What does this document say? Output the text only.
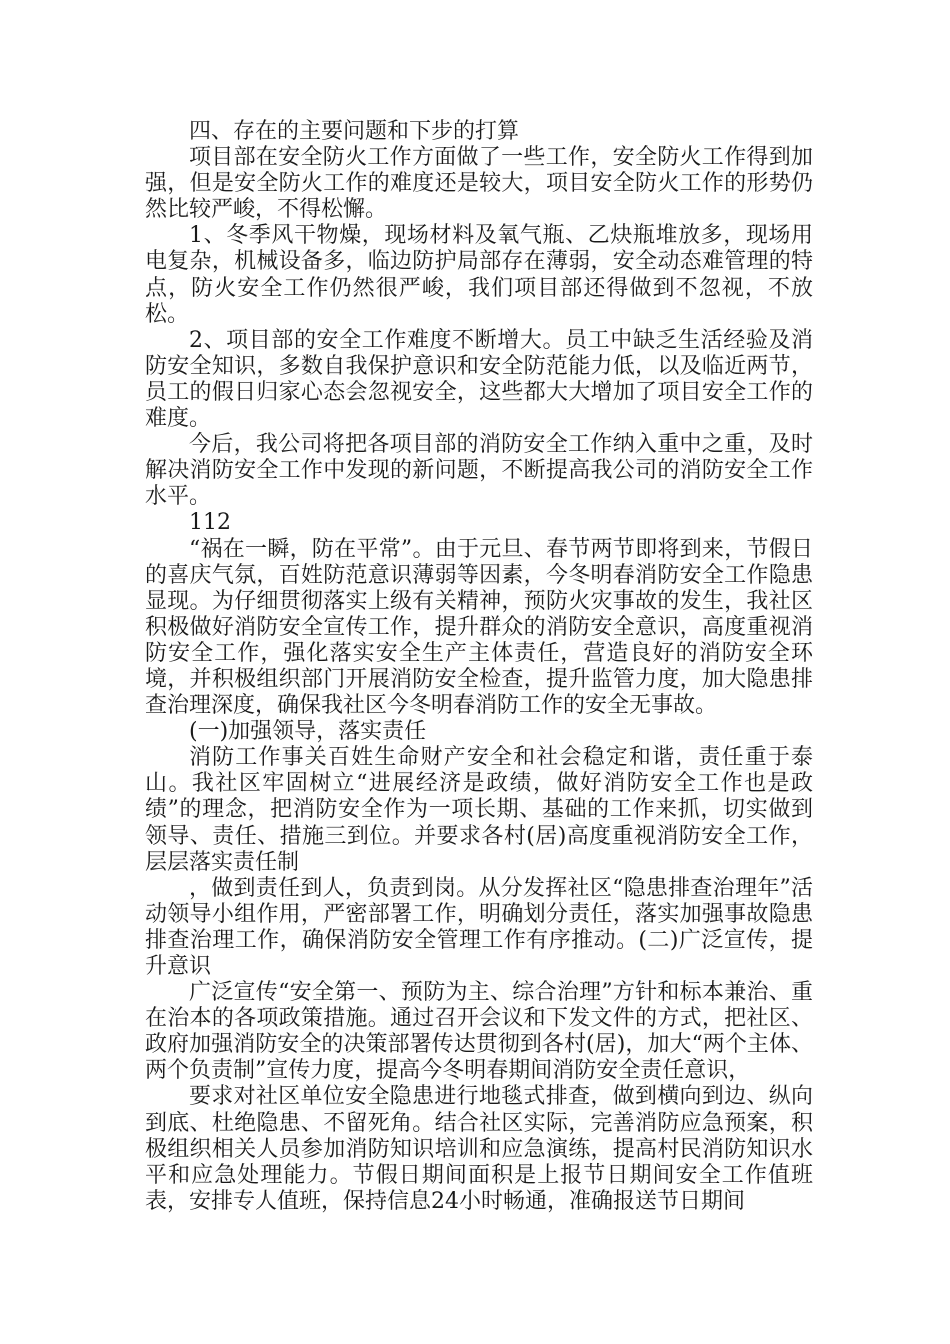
四、存在的主要问题和下步的打算

项目部在安全防火工作方面做了一些工作，安全防火工作得到加强，但是安全防火工作的难度还是较大，项目安全防火工作的形势仍然比较严峻，不得松懈。

1、冬季风干物燥，现场材料及氧气瓶、乙炔瓶堆放多，现场用电复杂，机械设备多，临边防护局部存在薄弱，安全动态难管理的特点，防火安全工作仍然很严峻，我们项目部还得做到不忽视，不放松。

2、项目部的安全工作难度不断增大。员工中缺乏生活经验及消防安全知识，多数自我保护意识和安全防范能力低，以及临近两节，员工的假日归家心态会忽视安全，这些都大大增加了项目安全工作的难度。

今后，我公司将把各项目部的消防安全工作纳入重中之重，及时解决消防安全工作中发现的新问题，不断提高我公司的消防安全工作水平。

112

“祸在一瞬，防在平常”。由于元旦、春节两节即将到来，节假日的喜庆气氛，百姓防范意识薄弱等因素，今冬明春消防安全工作隐患显现。为仔细贯彻落实上级有关精神，预防火灾事故的发生，我社区积极做好消防安全宣传工作，提升群众的消防安全意识，高度重视消防安全工作，强化落实安全生产主体责任，营造良好的消防安全环境，并积极组织部门开展消防安全检查，提升监管力度，加大隐患排查治理深度，确保我社区今冬明春消防工作的安全无事故。

(一)加强领导，落实责任

消防工作事关百姓生命财产安全和社会稳定和谐，责任重于泰山。我社区牢固树立“进展经济是政绩，做好消防安全工作也是政绩”的理念，把消防安全作为一项长期、基础的工作来抓，切实做到领导、责任、措施三到位。并要求各村(居)高度重视消防安全工作，层层落实责任制

，做到责任到人，负责到岗。从分发挥社区“隐患排查治理年”活动领导小组作用，严密部署工作，明确划分责任，落实加强事故隐患排查治理工作，确保消防安全管理工作有序推动。(二)广泛宣传，提升意识

广泛宣传“安全第一、预防为主、综合治理”方针和标本兼治、重在治本的各项政策措施。通过召开会议和下发文件的方式，把社区、政府加强消防安全的决策部署传达贯彻到各村(居)，加大“两个主体、两个负责制”宣传力度，提高今冬明春期间消防安全责任意识，

要求对社区单位安全隐患进行地毯式排查，做到横向到边、纵向到底、杜绝隐患、不留死角。结合社区实际，完善消防应急预案，积极组织相关人员参加消防知识培训和应急演练，提高村民消防知识水平和应急处理能力。节假日期间面积是上报节日期间安全工作值班表，安排专人值班，保持信息24小时畅通，准确报送节日期间
